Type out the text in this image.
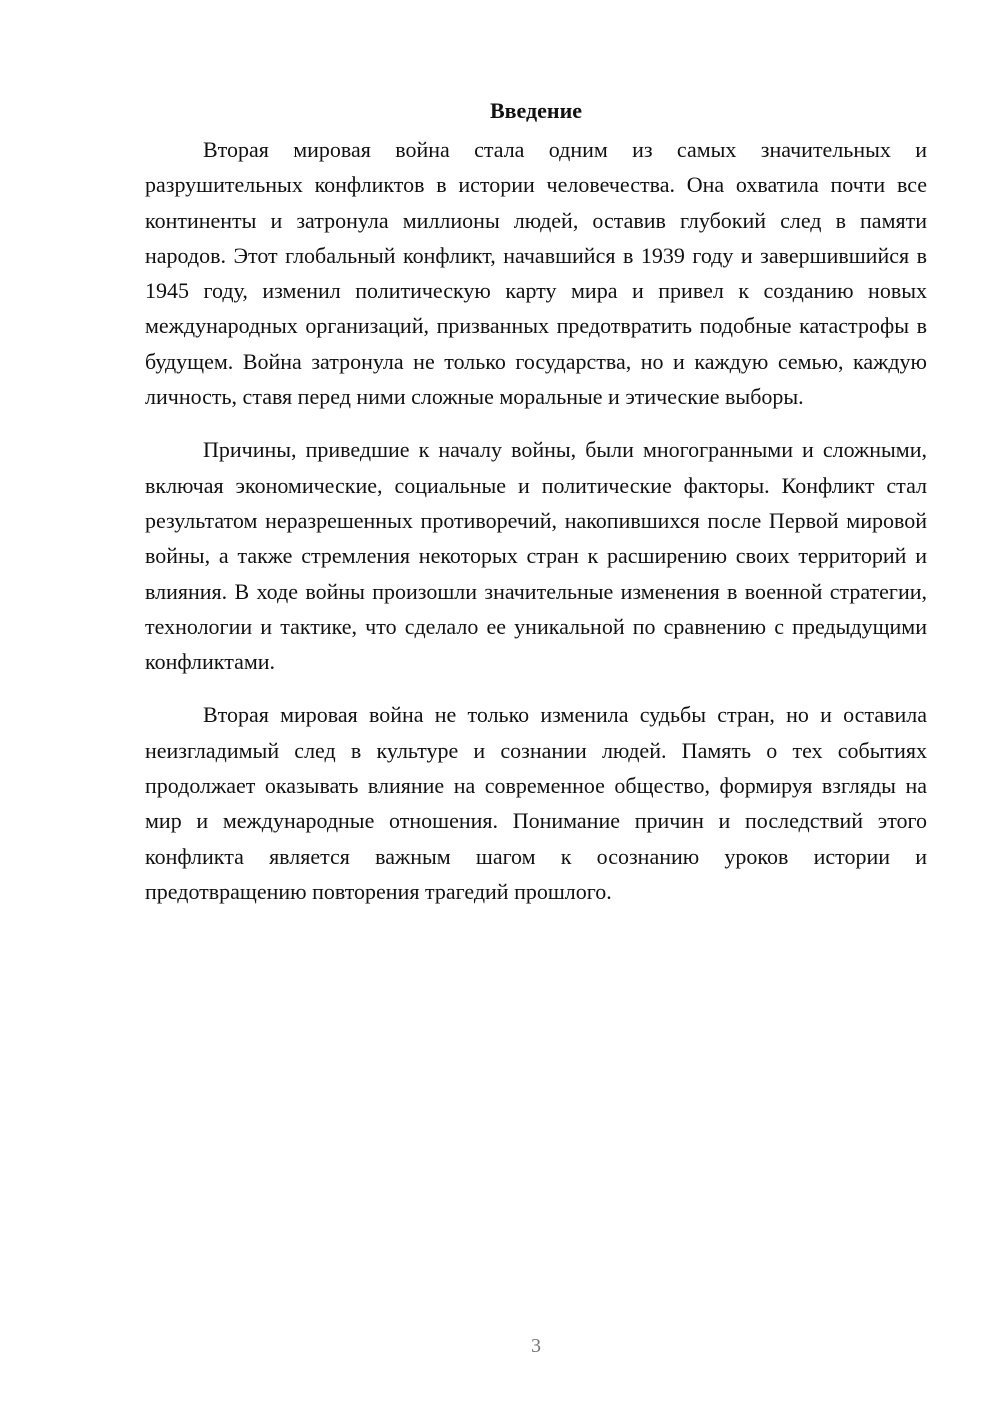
Введение

Вторая мировая война стала одним из самых значительных и разрушительных конфликтов в истории человечества. Она охватила почти все континенты и затронула миллионы людей, оставив глубокий след в памяти народов. Этот глобальный конфликт, начавшийся в 1939 году и завершившийся в 1945 году, изменил политическую карту мира и привел к созданию новых международных организаций, призванных предотвратить подобные катастрофы в будущем. Война затронула не только государства, но и каждую семью, каждую личность, ставя перед ними сложные моральные и этические выборы.

Причины, приведшие к началу войны, были многогранными и сложными, включая экономические, социальные и политические факторы. Конфликт стал результатом неразрешенных противоречий, накопившихся после Первой мировой войны, а также стремления некоторых стран к расширению своих территорий и влияния. В ходе войны произошли значительные изменения в военной стратегии, технологии и тактике, что сделало ее уникальной по сравнению с предыдущими конфликтами.

Вторая мировая война не только изменила судьбы стран, но и оставила неизгладимый след в культуре и сознании людей. Память о тех событиях продолжает оказывать влияние на современное общество, формируя взгляды на мир и международные отношения. Понимание причин и последствий этого конфликта является важным шагом к осознанию уроков истории и предотвращению повторения трагедий прошлого.

3
